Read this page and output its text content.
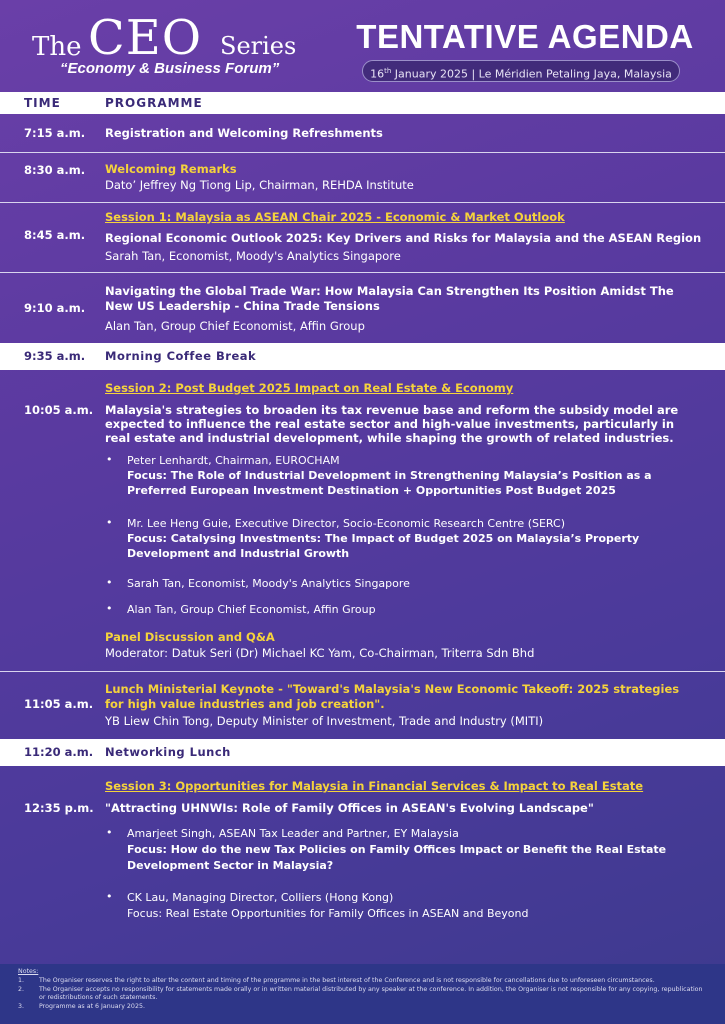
The CEO Series
“Economy & Business Forum”
TENTATIVE AGENDA
16th January 2025 | Le Méridien Petaling Jaya, Malaysia
TIME	PROGRAMME
7:15 a.m. Registration and Welcoming Refreshments
8:30 a.m. Welcoming Remarks
Dato’ Jeffrey Ng Tiong Lip, Chairman, REHDA Institute
8:45 a.m.
Session 1: Malaysia as ASEAN Chair 2025 - Economic & Market Outlook
Regional Economic Outlook 2025: Key Drivers and Risks for Malaysia and the ASEAN Region
Sarah Tan, Economist, Moody's Analytics Singapore
9:10 a.m.
Navigating the Global Trade War: How Malaysia Can Strengthen Its Position Amidst The
New US Leadership - China Trade Tensions
Alan Tan, Group Chief Economist, Affin Group
9:35 a.m. Morning Coffee Break
10:05 a.m.
Session 2: Post Budget 2025 Impact on Real Estate & Economy
Malaysia's strategies to broaden its tax revenue base and reform the subsidy model are
expected to influence the real estate sector and high-value investments, particularly in
real estate and industrial development, while shaping the growth of related industries.
• Peter Lenhardt, Chairman, EUROCHAM
Focus: The Role of Industrial Development in Strengthening Malaysia’s Position as a
Preferred European Investment Destination + Opportunities Post Budget 2025
• Mr. Lee Heng Guie, Executive Director, Socio-Economic Research Centre (SERC)
Focus: Catalysing Investments: The Impact of Budget 2025 on Malaysia’s Property
Development and Industrial Growth
• Sarah Tan, Economist, Moody's Analytics Singapore
• Alan Tan, Group Chief Economist, Affin Group
Panel Discussion and Q&A
Moderator: Datuk Seri (Dr) Michael KC Yam, Co-Chairman, Triterra Sdn Bhd
11:05 a.m.
Lunch Ministerial Keynote - "Toward's Malaysia's New Economic Takeoff: 2025 strategies
for high value industries and job creation".
YB Liew Chin Tong, Deputy Minister of Investment, Trade and Industry (MITI)
11:20 a.m. Networking Lunch
12:35 p.m.
Session 3: Opportunities for Malaysia in Financial Services & Impact to Real Estate
"Attracting UHNWIs: Role of Family Offices in ASEAN's Evolving Landscape"
• Amarjeet Singh, ASEAN Tax Leader and Partner, EY Malaysia
Focus: How do the new Tax Policies on Family Offices Impact or Benefit the Real Estate
Development Sector in Malaysia?
• CK Lau, Managing Director, Colliers (Hong Kong)
Focus: Real Estate Opportunities for Family Offices in ASEAN and Beyond
Notes:
1. The Organiser reserves the right to alter the content and timing of the programme in the best interest of the Conference and is not responsible for cancellations due to unforeseen circumstances.
2. The Organiser accepts no responsibility for statements made orally or in written material distributed by any speaker at the conference. In addition, the Organiser is not responsible for any copying, republication or redistributions of such statements.
3. Programme as at 6 January 2025.
